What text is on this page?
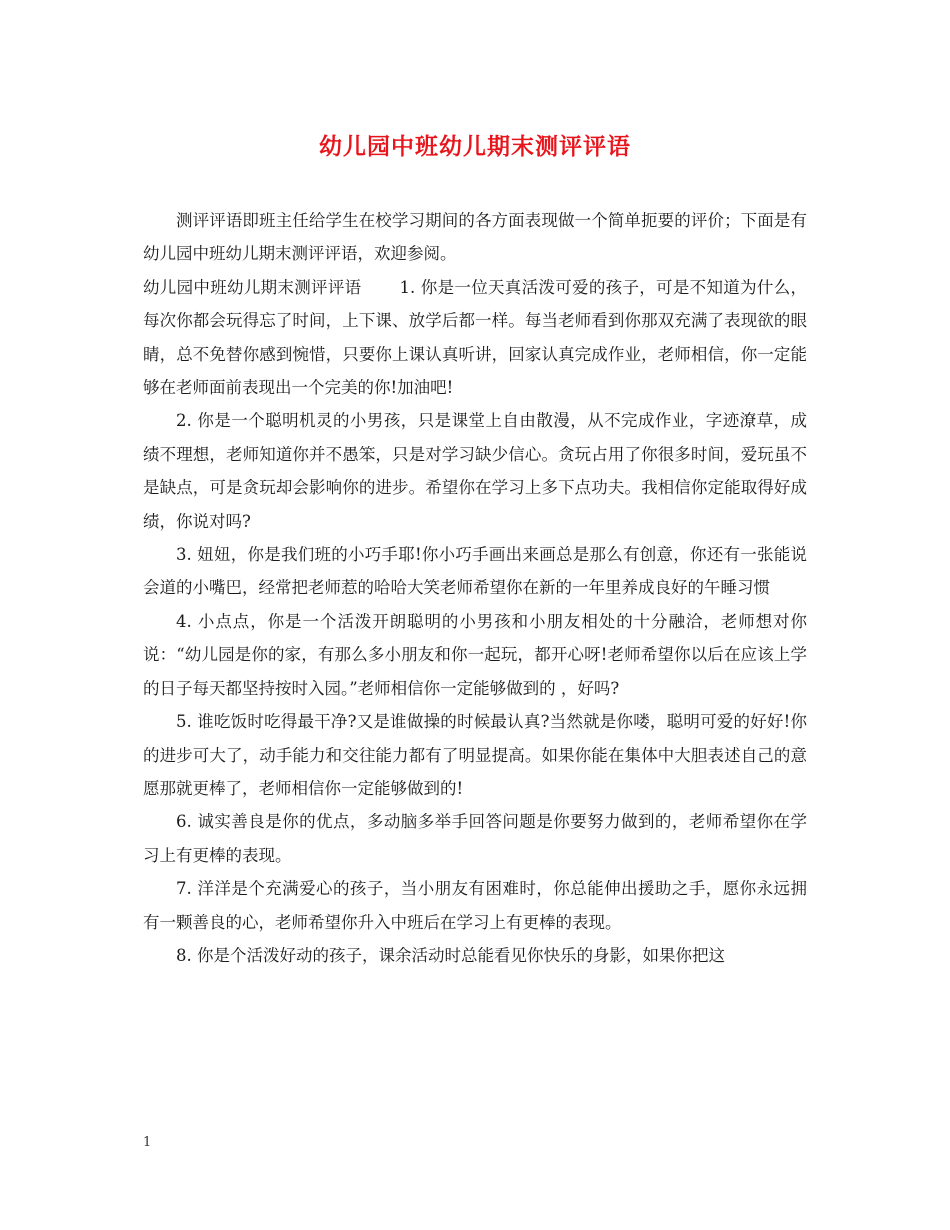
幼儿园中班幼儿期末测评评语

测评评语即班主任给学生在校学习期间的各方面表现做一个简单扼要的评价；下面是有幼儿园中班幼儿期末测评评语，欢迎参阅。

幼儿园中班幼儿期末测评评语 1. 你是一位天真活泼可爱的孩子，可是不知道为什么，每次你都会玩得忘了时间，上下课、放学后都一样。每当老师看到你那双充满了表现欲的眼睛，总不免替你感到惋惜，只要你上课认真听讲，回家认真完成作业，老师相信，你一定能够在老师面前表现出一个完美的你!加油吧!

2. 你是一个聪明机灵的小男孩，只是课堂上自由散漫，从不完成作业，字迹潦草，成绩不理想，老师知道你并不愚笨，只是对学习缺少信心。贪玩占用了你很多时间，爱玩虽不是缺点，可是贪玩却会影响你的进步。希望你在学习上多下点功夫。我相信你定能取得好成绩，你说对吗?

3. 妞妞，你是我们班的小巧手耶!你小巧手画出来画总是那么有创意，你还有一张能说会道的小嘴巴，经常把老师惹的哈哈大笑老师希望你在新的一年里养成良好的午睡习惯

4. 小点点，你是一个活泼开朗聪明的小男孩和小朋友相处的十分融洽，老师想对你说：“幼儿园是你的家，有那么多小朋友和你一起玩，都开心呀!老师希望你以后在应该上学的日子每天都坚持按时入园。”老师相信你一定能够做到的 ，好吗?

5. 谁吃饭时吃得最干净?又是谁做操的时候最认真?当然就是你喽，聪明可爱的好好!你的进步可大了，动手能力和交往能力都有了明显提高。如果你能在集体中大胆表述自己的意愿那就更棒了，老师相信你一定能够做到的!

6. 诚实善良是你的优点，多动脑多举手回答问题是你要努力做到的，老师希望你在学习上有更棒的表现。

7. 洋洋是个充满爱心的孩子，当小朋友有困难时，你总能伸出援助之手，愿你永远拥有一颗善良的心，老师希望你升入中班后在学习上有更棒的表现。

8. 你是个活泼好动的孩子，课余活动时总能看见你快乐的身影，如果你把这

1
